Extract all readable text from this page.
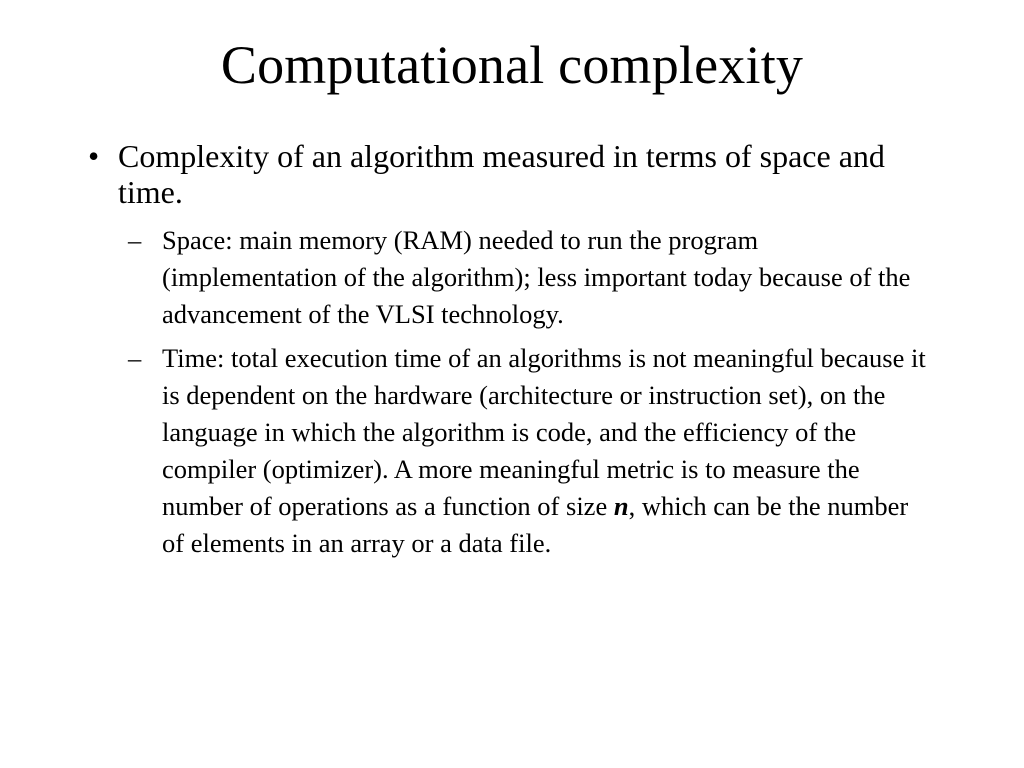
Computational complexity
• Complexity of an algorithm measured in terms of space and time.
– Space: main memory (RAM) needed to run the program (implementation of the algorithm); less important today because of the advancement of the VLSI technology.
– Time: total execution time of an algorithms is not meaningful because it is dependent on the hardware (architecture or instruction set), on the language in which the algorithm is code, and the efficiency of the compiler (optimizer). A more meaningful metric is to measure the number of operations as a function of size n, which can be the number of elements in an array or a data file.
